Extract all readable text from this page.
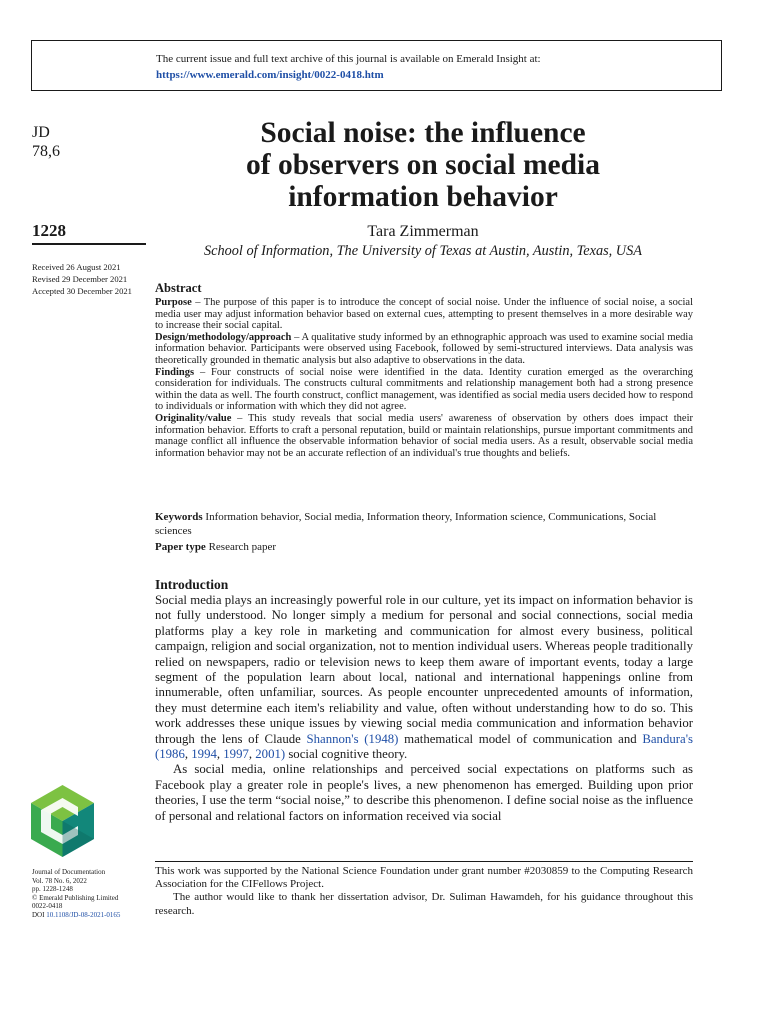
The current issue and full text archive of this journal is available on Emerald Insight at:
https://www.emerald.com/insight/0022-0418.htm
JD
78,6
1228
Received 26 August 2021
Revised 29 December 2021
Accepted 30 December 2021
Social noise: the influence
of observers on social media
information behavior
Tara Zimmerman
School of Information, The University of Texas at Austin, Austin, Texas, USA
Abstract

Purpose – The purpose of this paper is to introduce the concept of social noise. Under the influence of social noise, a social media user may adjust information behavior based on external cues, attempting to present themselves in a more desirable way to increase their social capital.

Design/methodology/approach – A qualitative study informed by an ethnographic approach was used to examine social media information behavior. Participants were observed using Facebook, followed by semi-structured interviews. Data analysis was theoretically grounded in thematic analysis but also adaptive to observations in the data.

Findings – Four constructs of social noise were identified in the data. Identity curation emerged as the overarching consideration for individuals. The constructs cultural commitments and relationship management both had a strong presence within the data as well. The fourth construct, conflict management, was identified as social media users decided how to respond to individuals or information with which they did not agree.

Originality/value – This study reveals that social media users' awareness of observation by others does impact their information behavior. Efforts to craft a personal reputation, build or maintain relationships, pursue important commitments and manage conflict all influence the observable information behavior of social media users. As a result, observable social media information behavior may not be an accurate reflection of an individual's true thoughts and beliefs.

Keywords Information behavior, Social media, Information theory, Information science, Communications, Social sciences
Paper type Research paper
Introduction

Social media plays an increasingly powerful role in our culture, yet its impact on information behavior is not fully understood. No longer simply a medium for personal and social connections, social media platforms play a key role in marketing and communication for almost every business, political campaign, religion and social organization, not to mention individual users. Whereas people traditionally relied on newspapers, radio or television news to keep them aware of important events, today a large segment of the population learn about local, national and international happenings online from innumerable, often unfamiliar, sources. As people encounter unprecedented amounts of information, they must determine each item's reliability and value, often without understanding how to do so. This work addresses these unique issues by viewing social media communication and information behavior through the lens of Claude Shannon's (1948) mathematical model of communication and Bandura's (1986, 1994, 1997, 2001) social cognitive theory.

As social media, online relationships and perceived social expectations on platforms such as Facebook play a greater role in people's lives, a new phenomenon has emerged. Building upon prior theories, I use the term “social noise,” to describe this phenomenon. I define social noise as the influence of personal and relational factors on information received via social

Journal of Documentation
Vol. 78 No. 6, 2022
pp. 1228-1248
© Emerald Publishing Limited
0022-0418
DOI 10.1108/JD-08-2021-0165

This work was supported by the National Science Foundation under grant number #2030859 to the Computing Research Association for the CIFellows Project.

The author would like to thank her dissertation advisor, Dr. Suliman Hawamdeh, for his guidance throughout this research.
